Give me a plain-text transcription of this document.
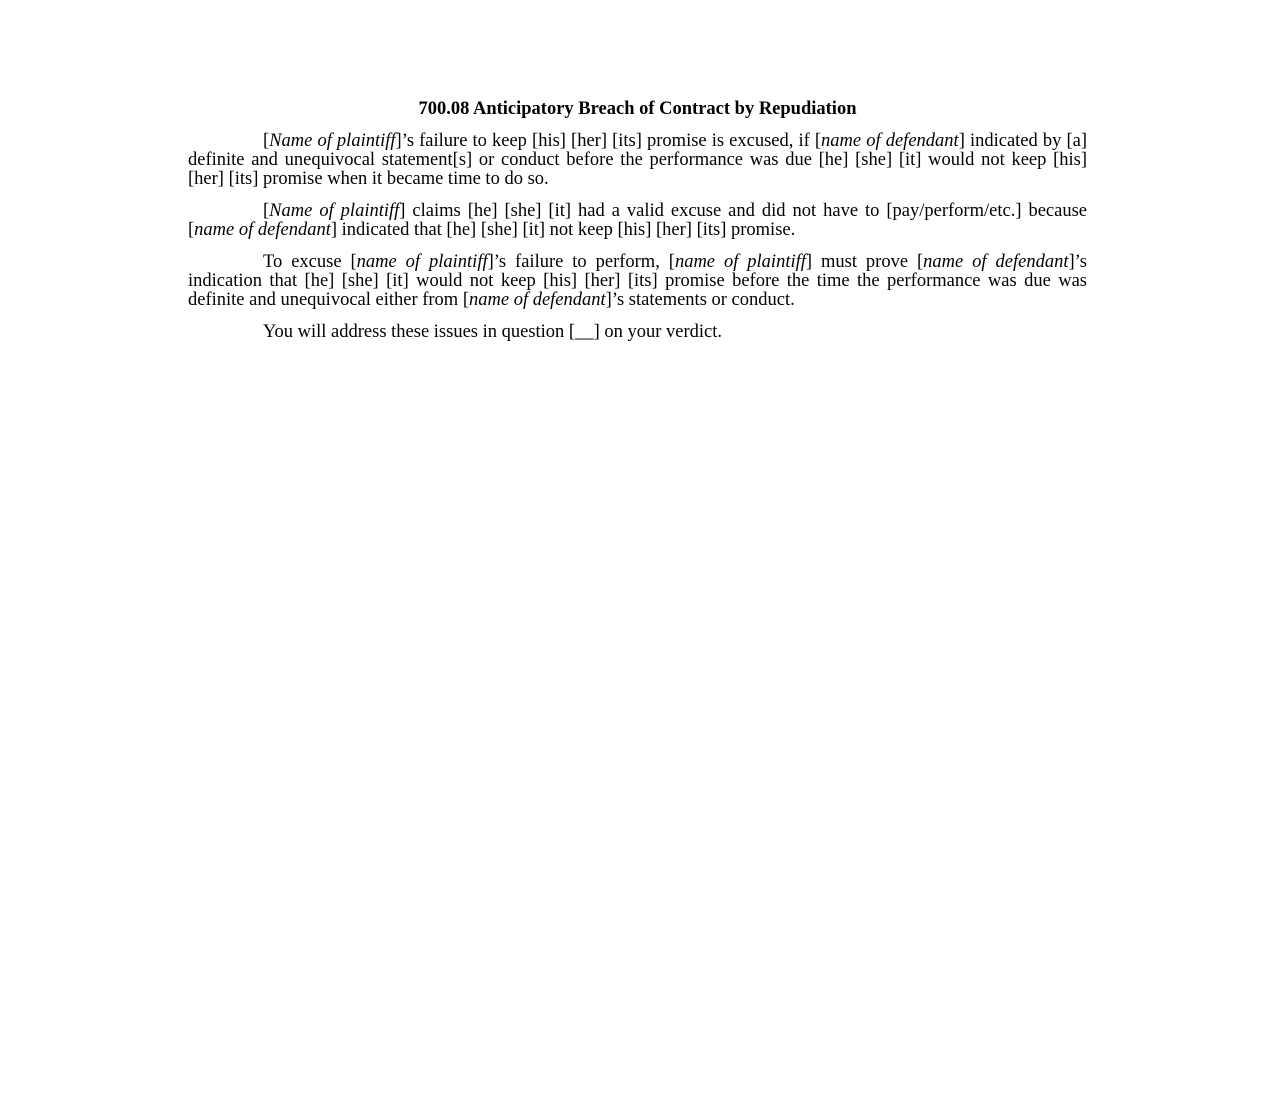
700.08 Anticipatory Breach of Contract by Repudiation

[Name of plaintiff]’s failure to keep [his] [her] [its] promise is excused, if [name of defendant] indicated by [a] definite and unequivocal statement[s] or conduct before the performance was due [he] [she] [it] would not keep [his] [her] [its] promise when it became time to do so.

[Name of plaintiff] claims [he] [she] [it] had a valid excuse and did not have to [pay/perform/etc.] because [name of defendant] indicated that [he] [she] [it] not keep [his] [her] [its] promise.

To excuse [name of plaintiff]’s failure to perform, [name of plaintiff] must prove [name of defendant]’s indication that [he] [she] [it] would not keep [his] [her] [its] promise before the time the performance was due was definite and unequivocal either from [name of defendant]’s statements or conduct.

You will address these issues in question [__] on your verdict.
